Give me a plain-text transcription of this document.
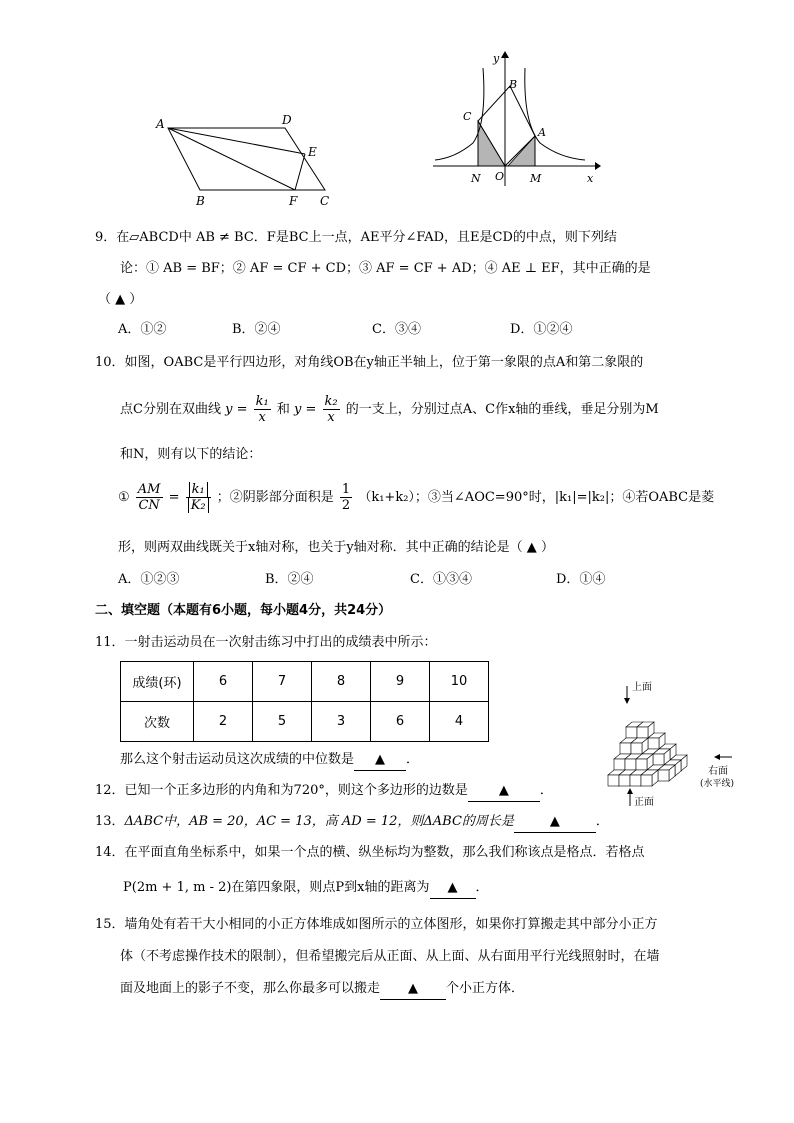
A	D
E
B	F C
y
x
B
C
A
N O M
9．在▱ABCD中 AB ≠ BC．F是BC上一点，AE平分∠FAD，且E是CD的中点，则下列结
论：① AB = BF；② AF = CF + CD；③ AF = CF + AD；④ AE ⊥ EF，其中正确的是
（ ▲ ）
A．①②	B．②④	C．③④	D．①②④
10．如图，OABC是平行四边形，对角线OB在y轴正半轴上，位于第一象限的点A和第二象限的
点C分别在双曲线 $y = \frac{\text{k₁}}{x}$ 和 $y = \frac{\text{k₂}}{x}$ 的一支上，分别过点A、C作x轴的垂线，垂足分别为M
和N，则有以下的结论：
① $\frac{AM}{CN} = \frac{\text{k₁}}{\text{K₂}}$ ；②阴影部分面积是 $\frac{1}{2} (k_1+k_2)$；③当∠AOC=90°时，|k₁|=|k₂|；④若OABC是菱
形，则两双曲线既关于x轴对称，也关于y轴对称．其中正确的结论是（ ▲ ）
A．①②③	B．②④	C．①③④	D．①④
二、填空题（本题有6小题，每小题4分，共24分）
11．一射击运动员在一次射击练习中打出的成绩表中所示：
成绩(环)	6	7	8	9	10
次数	2	5	3	6	4
那么这个射击运动员这次成绩的中位数是 ▲ ．
上面
右面
(水平线)
正面
12．已知一个正多边形的内角和为720°，则这个多边形的边数是 ▲ ．
13．ΔABC中，AB = 20，AC = 13，高 AD = 12，则ΔABC的周长是	▲	．
14．在平面直角坐标系中，如果一个点的横、纵坐标均为整数，那么我们称该点是格点．若格点
P(2m + 1, m - 2)在第四象限，则点P到x轴的距离为 ▲ ．
15．墙角处有若干大小相同的小正方体堆成如图所示的立体图形，如果你打算搬走其中部分小正方
体（不考虑操作技术的限制），但希望搬完后从正面、从上面、从右面用平行光线照射时，在墙
面及地面上的影子不变，那么你最多可以搬走 ▲ 个小正方体．
